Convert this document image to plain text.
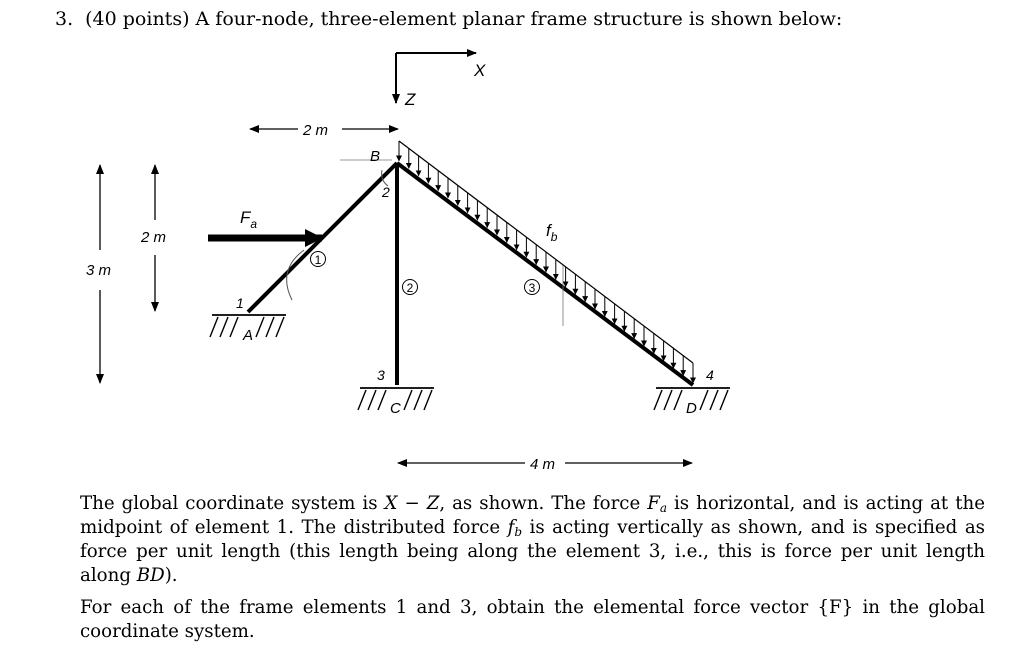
3. (40 points) A four-node, three-element planar frame structure is shown below:
X
Z
2 m
3 m
2 m
4 m
$F_a$	$f_b$
A
C	D
B
1
2
3	4
1
2	3
The global coordinate system is X − Z, as shown. The force $F_a$ is horizontal, and is acting at the midpoint of element 1. The distributed force $f_b$ is acting vertically as shown, and is specified as force per unit length (this length being along the element 3, i.e., this is force per unit length along BD).
For each of the frame elements 1 and 3, obtain the elemental force vector {F} in the global coordinate system.
